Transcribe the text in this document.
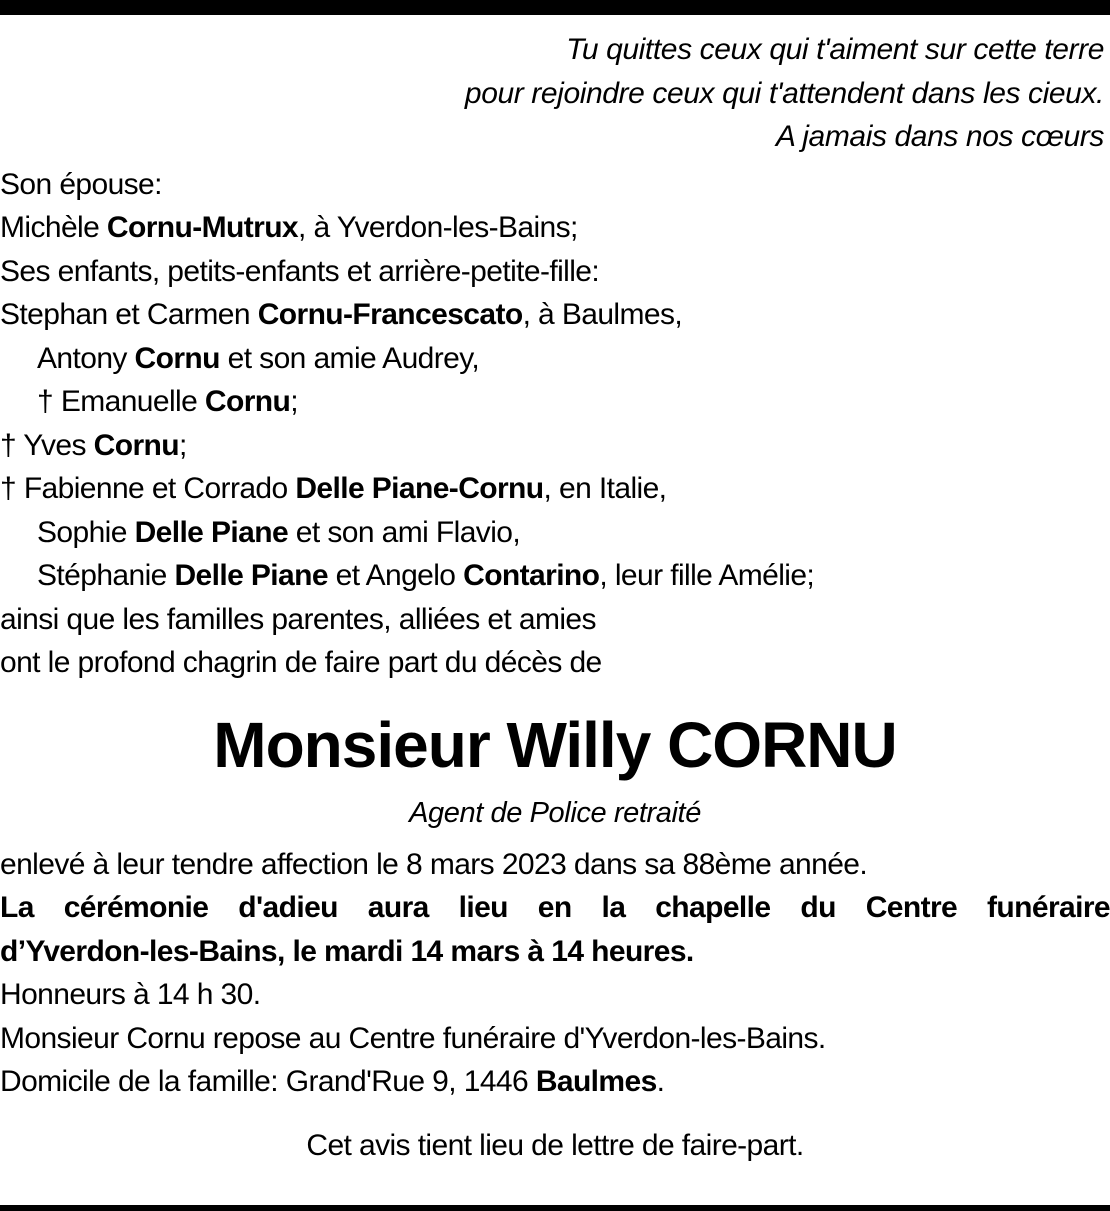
Tu quittes ceux qui t'aiment sur cette terre
pour rejoindre ceux qui t'attendent dans les cieux.
A jamais dans nos cœurs
Son épouse:
Michèle Cornu-Mutrux, à Yverdon-les-Bains;
Ses enfants, petits-enfants et arrière-petite-fille:
Stephan et Carmen Cornu-Francescato, à Baulmes,
Antony Cornu et son amie Audrey,
† Emanuelle Cornu;
† Yves Cornu;
† Fabienne et Corrado Delle Piane-Cornu, en Italie,
Sophie Delle Piane et son ami Flavio,
Stéphanie Delle Piane et Angelo Contarino, leur fille Amélie;
ainsi que les familles parentes, alliées et amies
ont le profond chagrin de faire part du décès de
Monsieur Willy CORNU
Agent de Police retraité
enlevé à leur tendre affection le 8 mars 2023 dans sa 88ème année.
La cérémonie d'adieu aura lieu en la chapelle du Centre funéraire
d’Yverdon-les-Bains, le mardi 14 mars à 14 heures.
Honneurs à 14 h 30.
Monsieur Cornu repose au Centre funéraire d'Yverdon-les-Bains.
Domicile de la famille: Grand'Rue 9, 1446 Baulmes.
Cet avis tient lieu de lettre de faire-part.
